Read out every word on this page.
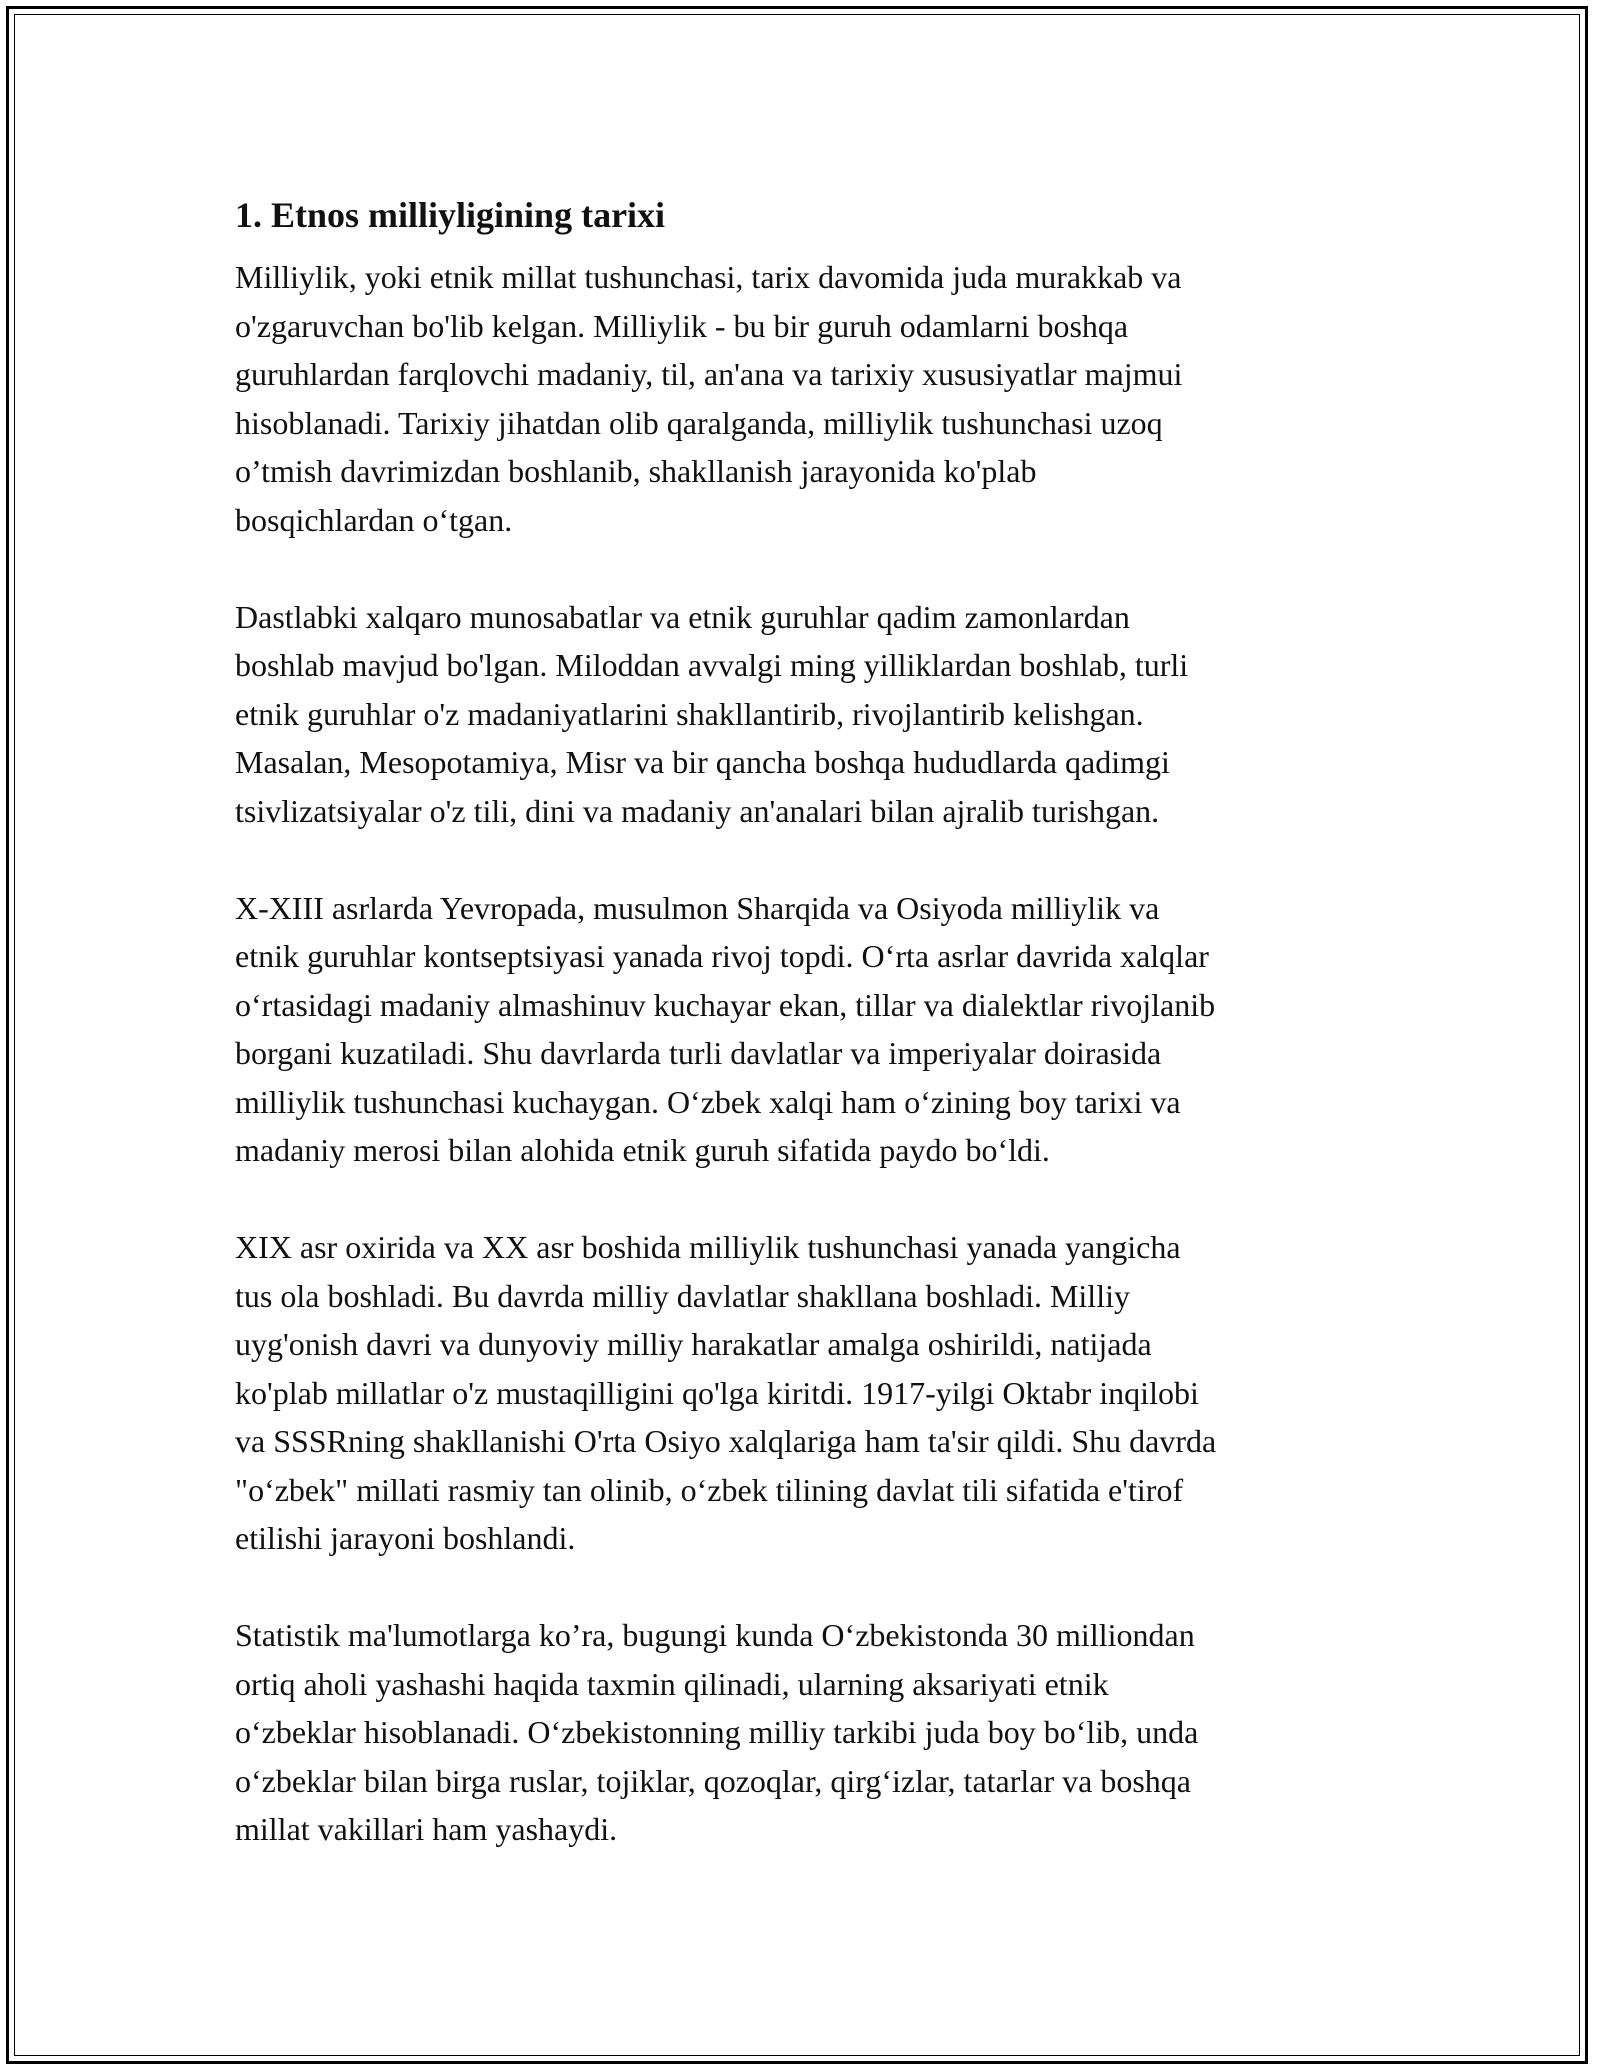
1. Etnos milliyligining tarixi

Milliylik, yoki etnik millat tushunchasi, tarix davomida juda murakkab va
o'zgaruvchan bo'lib kelgan. Milliylik - bu bir guruh odamlarni boshqa
guruhlardan farqlovchi madaniy, til, an'ana va tarixiy xususiyatlar majmui
hisoblanadi. Tarixiy jihatdan olib qaralganda, milliylik tushunchasi uzoq
o’tmish davrimizdan boshlanib, shakllanish jarayonida ko'plab
bosqichlardan o‘tgan.

Dastlabki xalqaro munosabatlar va etnik guruhlar qadim zamonlardan
boshlab mavjud bo'lgan. Miloddan avvalgi ming yilliklardan boshlab, turli
etnik guruhlar o'z madaniyatlarini shakllantirib, rivojlantirib kelishgan.
Masalan, Mesopotamiya, Misr va bir qancha boshqa hududlarda qadimgi
tsivlizatsiyalar o'z tili, dini va madaniy an'analari bilan ajralib turishgan.

X-XIII asrlarda Yevropada, musulmon Sharqida va Osiyoda milliylik va
etnik guruhlar kontseptsiyasi yanada rivoj topdi. O‘rta asrlar davrida xalqlar
o‘rtasidagi madaniy almashinuv kuchayar ekan, tillar va dialektlar rivojlanib
borgani kuzatiladi. Shu davrlarda turli davlatlar va imperiyalar doirasida
milliylik tushunchasi kuchaygan. O‘zbek xalqi ham o‘zining boy tarixi va
madaniy merosi bilan alohida etnik guruh sifatida paydo bo‘ldi.

XIX asr oxirida va XX asr boshida milliylik tushunchasi yanada yangicha
tus ola boshladi. Bu davrda milliy davlatlar shakllana boshladi. Milliy
uyg'onish davri va dunyoviy milliy harakatlar amalga oshirildi, natijada
ko'plab millatlar o'z mustaqilligini qo'lga kiritdi. 1917-yilgi Oktabr inqilobi
va SSSRning shakllanishi O'rta Osiyo xalqlariga ham ta'sir qildi. Shu davrda
"o‘zbek" millati rasmiy tan olinib, o‘zbek tilining davlat tili sifatida e'tirof
etilishi jarayoni boshlandi.

Statistik ma'lumotlarga ko’ra, bugungi kunda O‘zbekistonda 30 milliondan
ortiq aholi yashashi haqida taxmin qilinadi, ularning aksariyati etnik
o‘zbeklar hisoblanadi. O‘zbekistonning milliy tarkibi juda boy bo‘lib, unda
o‘zbeklar bilan birga ruslar, tojiklar, qozoqlar, qirg‘izlar, tatarlar va boshqa
millat vakillari ham yashaydi.
